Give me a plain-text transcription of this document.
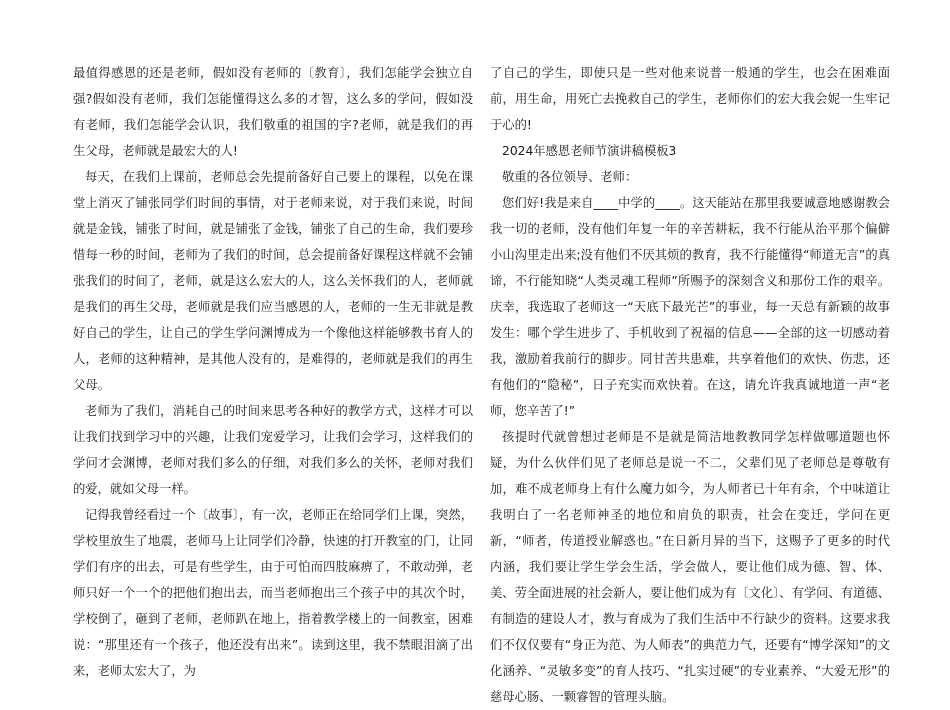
最值得感恩的还是老师，假如没有老师的〔教育〕，我们怎能学会独立自强?假如没有老师，我们怎能懂得这么多的才智，这么多的学问，假如没有老师，我们怎能学会认识，我们敬重的祖国的字?老师，就是我们的再生父母，老师就是最宏大的人!

每天，在我们上课前，老师总会先提前备好自己要上的课程，以免在课堂上消灭了铺张同学们时间的事情，对于老师来说，对于我们来说，时间就是金钱，铺张了时间，就是铺张了金钱，铺张了自己的生命，我们要珍惜每一秒的时间，老师为了我们的时间，总会提前备好课程这样就不会铺张我们的时间了，老师，就是这么宏大的人，这么关怀我们的人，老师就是我们的再生父母，老师就是我们应当感恩的人，老师的一生无非就是教好自己的学生，让自己的学生学问渊博成为一个像他这样能够教书育人的人，老师的这种精神，是其他人没有的，是难得的，老师就是我们的再生父母。

老师为了我们，消耗自己的时间来思考各种好的教学方式，这样才可以让我们找到学习中的兴趣，让我们宠爱学习，让我们会学习，这样我们的学问才会渊博，老师对我们多么的仔细，对我们多么的关怀，老师对我们的爱，就如父母一样。

记得我曾经看过一个〔故事〕，有一次，老师正在给同学们上课，突然，学校里放生了地震，老师马上让同学们冷静，快速的打开教室的门，让同学们有序的出去，可是有些学生，由于可怕而四肢麻痹了，不敢动弹，老师只好一个一个的把他们抱出去，而当老师抱出三个孩子中的其次个时，学校倒了，砸到了老师，老师趴在地上，指着教学楼上的一间教室，困难说：“那里还有一个孩子，他还没有出来”。读到这里，我不禁眼泪滴了出来，老师太宏大了，为

了自己的学生，即使只是一些对他来说普一般通的学生，也会在困难面前，用生命，用死亡去挽救自己的学生，老师你们的宏大我会妮一生牢记于心的!

2024年感恩老师节演讲稿模板3

敬重的各位领导、老师：

您们好!我是来自____中学的____。这天能站在那里我要诚意地感谢教会我一切的老师，没有他们年复一年的辛苦耕耘，我不行能从治平那个偏僻小山沟里走出来;没有他们不厌其烦的教育，我不行能懂得“师道无言”的真谛，不行能知晓“人类灵魂工程师”所赐予的深刻含义和那份工作的艰辛。庆幸，我选取了老师这一“天底下最光芒”的事业，每一天总有新颖的故事发生：哪个学生进步了、手机收到了祝福的信息——全部的这一切感动着我，激励着我前行的脚步。同甘苦共患难，共享着他们的欢快、伤悲，还有他们的“隐秘”，日子充实而欢快着。在这，请允许我真诚地道一声“老师，您辛苦了!”

孩提时代就曾想过老师是不是就是简洁地教教同学怎样做哪道题也怀疑，为什么伙伴们见了老师总是说一不二，父辈们见了老师总是尊敬有加，难不成老师身上有什么魔力如今，为人师者已十年有余，个中味道让我明白了一名老师神圣的地位和肩负的职责，社会在变迁，学问在更新，“师者，传道授业解惑也。”在日新月异的当下，这赐予了更多的时代内涵，我们要让学生学会生活，学会做人，要让他们成为德、智、体、美、劳全面进展的社会新人，要让他们成为有〔文化〕、有学问、有道德、有制造的建设人才，教与育成为了我们生活中不行缺少的资料。这要求我们不仅仅要有“身正为范、为人师表”的典范力气，还要有“博学深知”的文化涵养、“灵敏多变”的育人技巧、“扎实过硬”的专业素养、“大爱无形”的慈母心肠、一颗睿智的管理头脑。
